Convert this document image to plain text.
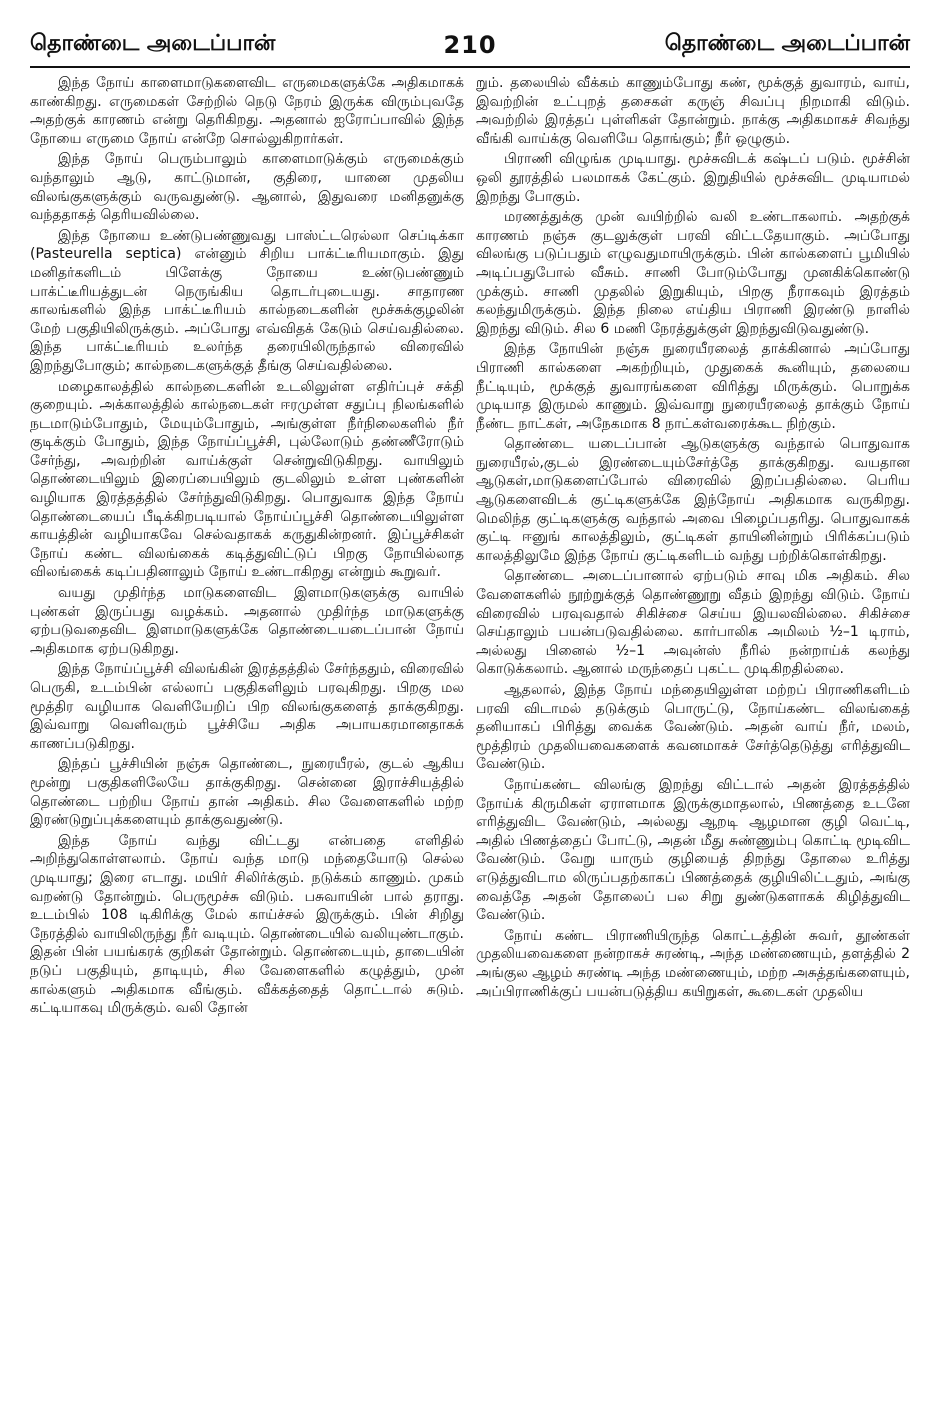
தொண்டை அடைப்பான்	210	தொண்டை அடைப்பான்

இந்த நோய் காளைமாடுகளைவிட எருமைகளுக்கே அதிகமாகக் காண்கிறது. எருமைகள் சேற்றில் நெடு நேரம் இருக்க விரும்புவதே அதற்குக் காரணம் என்று தெரிகிறது. அதனால் ஐரோப்பாவில் இந்த நோயை எருமை நோய் என்றே சொல்லுகிறார்கள்.

இந்த நோய் பெரும்பாலும் காளைமாடுக்கும் எருமைக்கும் வந்தாலும் ஆடு, காட்டுமான், குதிரை, யானை முதலிய விலங்குகளுக்கும் வருவதுண்டு. ஆனால், இதுவரை மனிதனுக்கு வந்ததாகத் தெரியவில்லை.

இந்த நோயை உண்டுபண்ணுவது பாஸ்ட்டரெல்லா செப்டிக்கா (Pasteurella septica) என்னும் சிறிய பாக்ட்டீரியமாகும். இது மனிதர்களிடம் பிளேக்கு நோயை உண்டுபண்ணும் பாக்ட்டீரியத்துடன் நெருங்கிய தொடர்புடையது. சாதாரண காலங்களில் இந்த பாக்ட்டீரியம் கால்நடைகளின் மூச்சுக்குழலின் மேற் பகுதியிலிருக்கும். அப்போது எவ்விதக் கேடும் செய்வதில்லை. இந்த பாக்ட்டீரியம் உலர்ந்த தரையிலிருந்தால் விரைவில் இறந்துபோகும்; கால்நடைகளுக்குத் தீங்கு செய்வதில்லை.

மழைகாலத்தில் கால்நடைகளின் உடலிலுள்ள எதிர்ப்புச் சக்தி குறையும். அக்காலத்தில் கால்நடைகள் ஈரமுள்ள சதுப்பு நிலங்களில் நடமாடும்போதும், மேயும்போதும், அங்குள்ள நீர்நிலைகளில் நீர் குடிக்கும் போதும், இந்த நோய்ப்பூச்சி, புல்லோடும் தண்ணீரோடும் சேர்ந்து, அவற்றின் வாய்க்குள் சென்றுவிடுகிறது. வாயிலும் தொண்டையிலும் இரைப்பையிலும் குடலிலும் உள்ள புண்களின் வழியாக இரத்தத்தில் சேர்ந்துவிடுகிறது. பொதுவாக இந்த நோய் தொண்டையைப் பீடிக்கிறபடியால் நோய்ப்பூச்சி தொண்டையிலுள்ள காயத்தின் வழியாகவே செல்வதாகக் கருதுகின்றனர். இப்பூச்சிகள் நோய் கண்ட விலங்கைக் கடித்துவிட்டுப் பிறகு நோயில்லாத விலங்கைக் கடிப்பதினாலும் நோய் உண்டாகிறது என்றும் கூறுவர்.

வயது முதிர்ந்த மாடுகளைவிட இளமாடுகளுக்கு வாயில் புண்கள் இருப்பது வழக்கம். அதனால் முதிர்ந்த மாடுகளுக்கு ஏற்படுவதைவிட இளமாடுகளுக்கே தொண்டையடைப்பான் நோய் அதிகமாக ஏற்படுகிறது.

இந்த நோய்ப்பூச்சி விலங்கின் இரத்தத்தில் சேர்ந்ததும், விரைவில் பெருகி, உடம்பின் எல்லாப் பகுதிகளிலும் பரவுகிறது. பிறகு மல மூத்திர வழியாக வெளியேறிப் பிற விலங்குகளைத் தாக்குகிறது. இவ்வாறு வெளிவரும் பூச்சியே அதிக அபாயகரமானதாகக் காணப்படுகிறது.

இந்தப் பூச்சியின் நஞ்சு தொண்டை, நுரையீரல், குடல் ஆகிய மூன்று பகுதிகளிலேயே தாக்குகிறது. சென்னை இராச்சியத்தில் தொண்டை பற்றிய நோய் தான் அதிகம். சில வேளைகளில் மற்ற இரண்டுறுப்புக்களையும் தாக்குவதுண்டு.

இந்த நோய் வந்து விட்டது என்பதை எளிதில் அறிந்துகொள்ளலாம். நோய் வந்த மாடு மந்தையோடு செல்ல முடியாது; இரை எடாது. மயிர் சிலிர்க்கும். நடுக்கம் காணும். முகம் வறண்டு தோன்றும். பெருமூச்சு விடும். பசுவாயின் பால் தராது. உடம்பில் 108 டிகிரிக்கு மேல் காய்ச்சல் இருக்கும். பின் சிறிது நேரத்தில் வாயிலிருந்து நீர் வடியும். தொண்டையில் வலியுண்டாகும். இதன் பின் பயங்கரக் குறிகள் தோன்றும். தொண்டையும், தாடையின் நடுப் பகுதியும், தாடியும், சில வேளைகளில் கழுத்தும், முன் கால்களும் அதிகமாக வீங்கும். வீக்கத்தைத் தொட்டால் சுடும். கட்டியாகவு மிருக்கும். வலி தோன்

றும். தலையில் வீக்கம் காணும்போது கண், மூக்குத் துவாரம், வாய், இவற்றின் உட்புறத் தசைகள் கருஞ் சிவப்பு நிறமாகி விடும். அவற்றில் இரத்தப் புள்ளிகள் தோன்றும். நாக்கு அதிகமாகச் சிவந்து வீங்கி வாய்க்கு வெளியே தொங்கும்; நீர் ஒழுகும்.

பிராணி விழுங்க முடியாது. மூச்சுவிடக் கஷ்டப் படும். மூச்சின் ஒலி தூரத்தில் பலமாகக் கேட்கும். இறுதியில் மூச்சுவிட முடியாமல் இறந்து போகும்.

மரணத்துக்கு முன் வயிற்றில் வலி உண்டாகலாம். அதற்குக் காரணம் நஞ்சு குடலுக்குள் பரவி விட்டதேயாகும். அப்போது விலங்கு படுப்பதும் எழுவதுமாயிருக்கும். பின் கால்களைப் பூமியில் அடிப்பதுபோல் வீசும். சாணி போடும்போது முனகிக்கொண்டு முக்கும். சாணி முதலில் இறுகியும், பிறகு நீராகவும் இரத்தம் கலந்துமிருக்கும். இந்த நிலை எய்திய பிராணி இரண்டு நாளில் இறந்து விடும். சில 6 மணி நேரத்துக்குள் இறந்துவிடுவதுண்டு.

இந்த நோயின் நஞ்சு நுரையீரலைத் தாக்கினால் அப்போது பிராணி கால்களை அகற்றியும், முதுகைக் கூனியும், தலையை நீட்டியும், மூக்குத் துவாரங்களை விரித்து மிருக்கும். பொறுக்க முடியாத இருமல் காணும். இவ்வாறு நுரையீரலைத் தாக்கும் நோய் நீண்ட நாட்கள், அநேகமாக 8 நாட்கள்வரைக்கூட நிற்கும்.

தொண்டை யடைப்பான் ஆடுகளுக்கு வந்தால் பொதுவாக நுரையீரல்,குடல் இரண்டையும்சேர்த்தே தாக்குகிறது. வயதான ஆடுகள்,மாடுகளைப்போல் விரைவில் இறப்பதில்லை. பெரிய ஆடுகளைவிடக் குட்டிகளுக்கே இந்நோய் அதிகமாக வருகிறது. மெலிந்த குட்டிகளுக்கு வந்தால் அவை பிழைப்பதரிது. பொதுவாகக் குட்டி ஈனுங் காலத்திலும், குட்டிகள் தாயினின்றும் பிரிக்கப்படும் காலத்திலுமே இந்த நோய் குட்டிகளிடம் வந்து பற்றிக்கொள்கிறது.

தொண்டை அடைப்பானால் ஏற்படும் சாவு மிக அதிகம். சில வேளைகளில் நூற்றுக்குத் தொண்ணூறு வீதம் இறந்து விடும். நோய் விரைவில் பரவுவதால் சிகிச்சை செய்ய இயலவில்லை. சிகிச்சை செய்தாலும் பயன்படுவதில்லை. கார்பாலிக அமிலம் ½–1 டிராம், அல்லது பினைல் ½–1 அவுன்ஸ் நீரில் நன்றாய்க் கலந்து கொடுக்கலாம். ஆனால் மருந்தைப் புகட்ட முடிகிறதில்லை.

ஆதலால், இந்த நோய் மந்தையிலுள்ள மற்றப் பிராணிகளிடம் பரவி விடாமல் தடுக்கும் பொருட்டு, நோய்கண்ட விலங்கைத் தனியாகப் பிரித்து வைக்க வேண்டும். அதன் வாய் நீர், மலம், மூத்திரம் முதலியவைகளைக் கவனமாகச் சேர்த்தெடுத்து எரித்துவிட வேண்டும்.

நோய்கண்ட விலங்கு இறந்து விட்டால் அதன் இரத்தத்தில் நோய்க் கிருமிகள் ஏராளமாக இருக்குமாதலால், பிணத்தை உடனே எரித்துவிட வேண்டும், அல்லது ஆறடி ஆழமான குழி வெட்டி, அதில் பிணத்தைப் போட்டு, அதன் மீது சுண்ணும்பு கொட்டி மூடிவிட வேண்டும். வேறு யாரும் குழியைத் திறந்து தோலை உரித்து எடுத்துவிடாம லிருப்பதற்காகப் பிணத்தைக் குழியிலிட்டதும், அங்கு வைத்தே அதன் தோலைப் பல சிறு துண்டுகளாகக் கிழித்துவிட வேண்டும்.

நோய் கண்ட பிராணியிருந்த கொட்டத்தின் சுவர், தூண்கள் முதலியவைகளை நன்றாகச் சுரண்டி, அந்த மண்ணையும், தளத்தில் 2 அங்குல ஆழம் சுரண்டி அந்த மண்ணையும், மற்ற அசுத்தங்களையும், அப்பிராணிக்குப் பயன்படுத்திய கயிறுகள், கூடைகள் முதலிய
